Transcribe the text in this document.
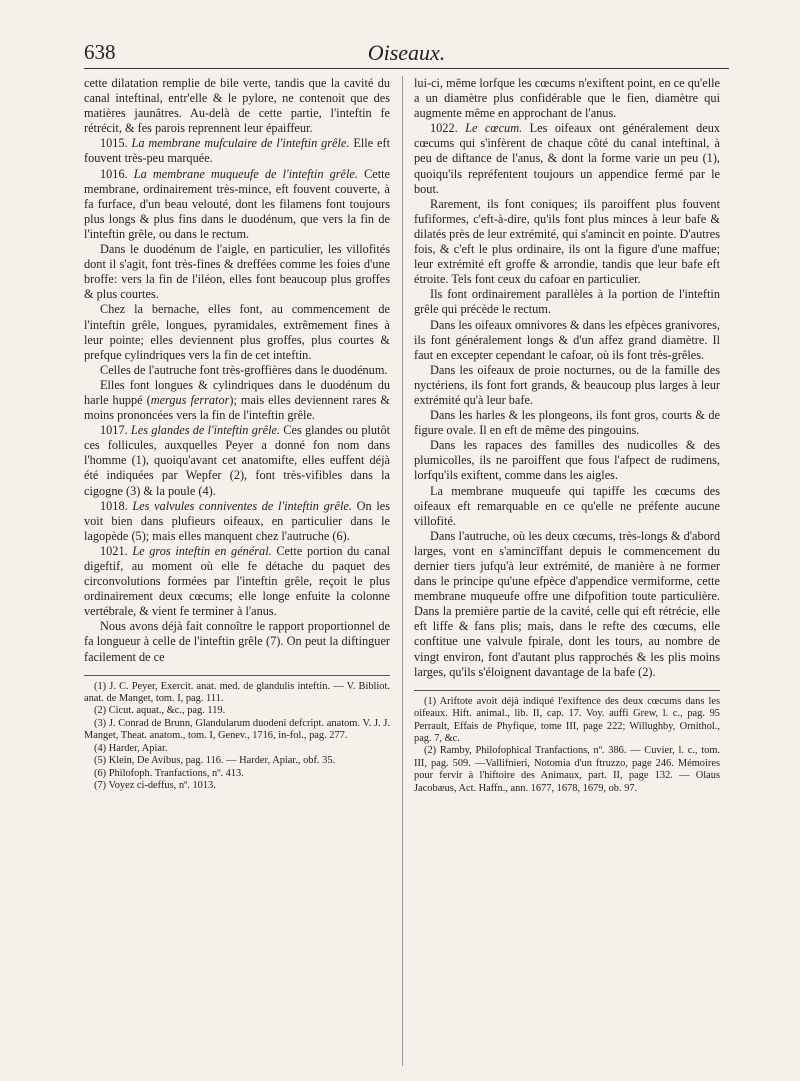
638	Oiseaux.

cette dilatation remplie de bile verte, tandis que la cavité du canal inteftinal, entr'elle & le pylore, ne contenoit que des matières jaunâtres. Au-delà de cette partie, l'inteftin fe rétrécit, & fes parois reprennent leur épaiffeur.

1015. La membrane mufculaire de l'inteftin grêle. Elle eft fouvent très-peu marquée.

1016. La membrane muqueufe de l'inteftin grêle. Cette membrane, ordinairement très-mince, eft fouvent couverte, à fa furface, d'un beau velouté, dont les filamens font toujours plus longs & plus fins dans le duodénum, que vers la fin de l'inteftin grêle, ou dans le rectum.

Dans le duodénum de l'aigle, en particulier, les villofités dont il s'agit, font très-fines & dreffées comme les foies d'une broffe: vers la fin de l'iléon, elles font beaucoup plus groffes & plus courtes.

Chez la bernache, elles font, au commencement de l'inteftin grêle, longues, pyramidales, extrêmement fines à leur pointe; elles deviennent plus groffes, plus courtes & prefque cylindriques vers la fin de cet inteftin.

Celles de l'autruche font très-groffières dans le duodénum.

Elles font longues & cylindriques dans le duodénum du harle huppé (mergus ferrator); mais elles deviennent rares & moins prononcées vers la fin de l'inteftin grêle.

1017. Les glandes de l'inteftin grêle. Ces glandes ou plutôt ces follicules, auxquelles Peyer a donné fon nom dans l'homme (1), quoiqu'avant cet anatomifte, elles euffent déjà été indiquées par Wepfer (2), font très-vifibles dans la cigogne (3) & la poule (4).

1018. Les valvules conniventes de l'inteftin grêle. On les voit bien dans plufieurs oifeaux, en particulier dans le lagopède (5); mais elles manquent chez l'autruche (6).

1021. Le gros inteftin en général. Cette portion du canal digeftif, au moment où elle fe détache du paquet des circonvolutions formées par l'inteftin grêle, reçoit le plus ordinairement deux cœcums; elle longe enfuite la colonne vertébrale, & vient fe terminer à l'anus.

Nous avons déjà fait connoître le rapport proportionnel de fa longueur à celle de l'inteftin grêle (7). On peut la diftinguer facilement de ce

(1) J. C. Peyer, Exercit. anat. med. de glandulis inteftin. — V. Bibliot. anat. de Manget, tom. I, pag. 111.

(2) Cicut. aquat., &c., pag. 119.

(3) J. Conrad de Brunn, Glandularum duodeni defcript. anatom. V. J. J. Manget, Theat. anatom., tom. I, Genev., 1716, in-fol., pag. 277.

(4) Harder, Apiar.

(5) Klein, De Avibus, pag. 116. — Harder, Apiar., obf. 35.

(6) Philofoph. Tranfactions, nº. 413.

(7) Voyez ci-deffus, nº. 1013.

lui-ci, même lorfque les cœcums n'exiftent point, en ce qu'elle a un diamètre plus confidérable que le fien, diamètre qui augmente même en approchant de l'anus.

1022. Le cœcum. Les oifeaux ont généralement deux cœcums qui s'infèrent de chaque côté du canal inteftinal, à peu de diftance de l'anus, & dont la forme varie un peu (1), quoiqu'ils repréfentent toujours un appendice fermé par le bout.

Rarement, ils font coniques; ils paroiffent plus fouvent fufiformes, c'eft-à-dire, qu'ils font plus minces à leur bafe & dilatés près de leur extrémité, qui s'amincit en pointe. D'autres fois, & c'eft le plus ordinaire, ils ont la figure d'une maffue; leur extrémité eft groffe & arrondie, tandis que leur bafe eft étroite. Tels font ceux du cafoar en particulier.

Ils font ordinairement parallèles à la portion de l'inteftin grêle qui précède le rectum.

Dans les oifeaux omnivores & dans les efpèces granivores, ils font généralement longs & d'un affez grand diamètre. Il faut en excepter cependant le cafoar, où ils font très-grêles.

Dans les oifeaux de proie nocturnes, ou de la famille des nyctériens, ils font fort grands, & beaucoup plus larges à leur extrémité qu'à leur bafe.

Dans les harles & les plongeons, ils font gros, courts & de figure ovale. Il en eft de même des pingouins.

Dans les rapaces des familles des nudicolles & des plumicolles, ils ne paroiffent que fous l'afpect de rudimens, lorfqu'ils exiftent, comme dans les aigles.

La membrane muqueufe qui tapiffe les cœcums des oifeaux eft remarquable en ce qu'elle ne préfente aucune villofité.

Dans l'autruche, où les deux cœcums, très-longs & d'abord larges, vont en s'amincïffant depuis le commencement du dernier tiers jufqu'à leur extrémité, de manière à ne former dans le principe qu'une efpèce d'appendice vermiforme, cette membrane muqueufe offre une difpofition toute particulière. Dans la première partie de la cavité, celle qui eft rétrécie, elle eft liffe & fans plis; mais, dans le refte des cœcums, elle conftitue une valvule fpirale, dont les tours, au nombre de vingt environ, font d'autant plus rapprochés & les plis moins larges, qu'ils s'éloignent davantage de la bafe (2).

(1) Ariftote avoit déjà indiqué l'exiftence des deux cœcums dans les oifeaux. Hift. animal., lib. II, cap. 17. Voy. auffi Grew, l. c., pag. 95 Perrault, Effais de Phyfique, tome III, page 222; Willughby, Ornithol., pag. 7, &c.

(2) Ramby, Philofophical Tranfactions, nº. 386. — Cuvier, l. c., tom. III, pag. 509. —Vallifnieri, Notomia d'un ftruzzo, page 246. Mémoires pour fervir à l'hiftoire des Animaux, part. II, page 132. — Olaus Jacobæus, Act. Haffn., ann. 1677, 1678, 1679, ob. 97.
